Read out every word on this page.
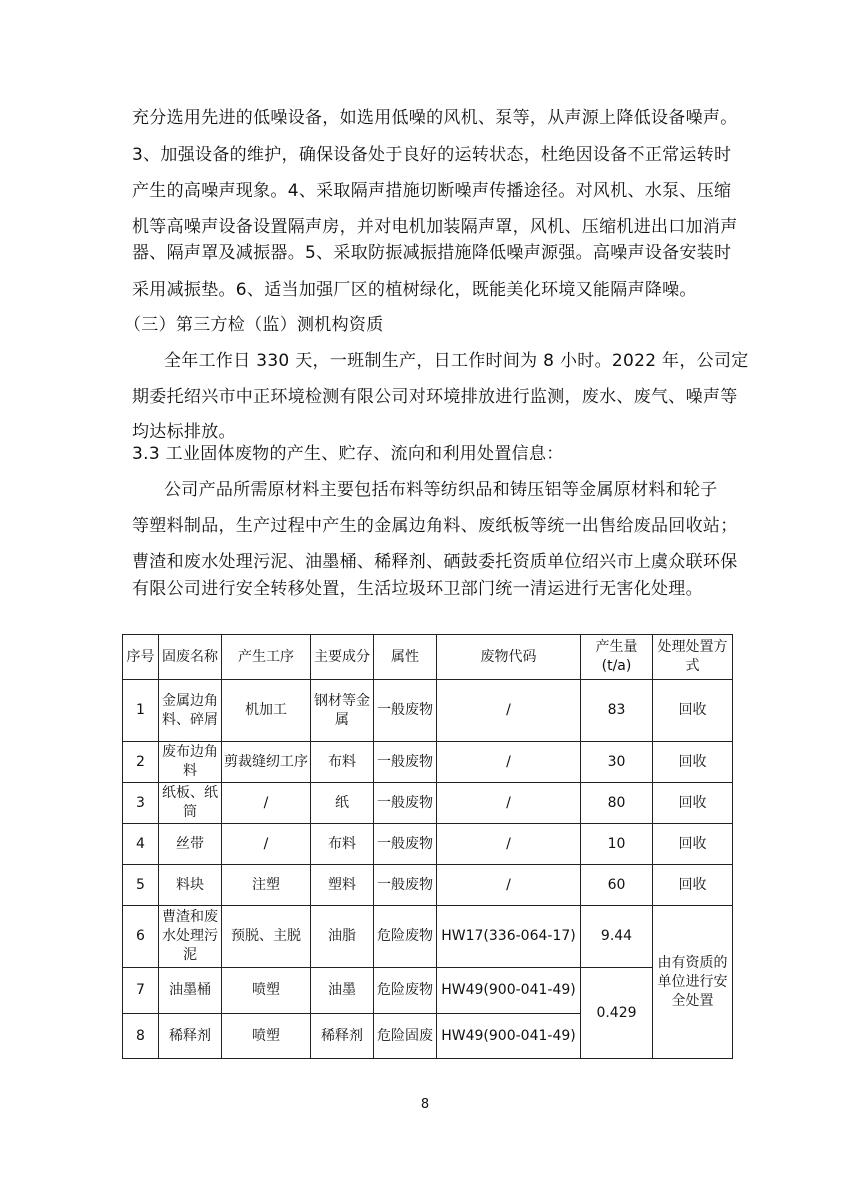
充分选用先进的低噪设备，如选用低噪的风机、泵等，从声源上降低设备噪声。
3、加强设备的维护，确保设备处于良好的运转状态，杜绝因设备不正常运转时
产生的高噪声现象。4、采取隔声措施切断噪声传播途径。对风机、水泵、压缩
机等高噪声设备设置隔声房，并对电机加装隔声罩，风机、压缩机进出口加消声
器、隔声罩及减振器。5、采取防振减振措施降低噪声源强。高噪声设备安装时
采用减振垫。6、适当加强厂区的植树绿化，既能美化环境又能隔声降噪。
（三）第三方检（监）测机构资质
全年工作日 330 天，一班制生产，日工作时间为 8 小时。2022 年，公司定
期委托绍兴市中正环境检测有限公司对环境排放进行监测，废水、废气、噪声等
均达标排放。
3.3 工业固体废物的产生、贮存、流向和利用处置信息：
公司产品所需原材料主要包括布料等纺织品和铸压铝等金属原材料和轮子
等塑料制品，生产过程中产生的金属边角料、废纸板等统一出售给废品回收站；
曹渣和废水处理污泥、油墨桶、稀释剂、硒鼓委托资质单位绍兴市上虞众联环保
有限公司进行安全转移处置，生活垃圾环卫部门统一清运进行无害化处理。
序号	固废名称	产生工序	主要成分	属性	废物代码	产生量(t/a)	处理处置方式
1	金属边角料、碎屑	机加工	钢材等金属	一般废物	/	83	回收
2	废布边角料	剪裁缝纫工序	布料	一般废物	/	30	回收
3	纸板、纸筒	/	纸	一般废物	/	80	回收
4	丝带	/	布料	一般废物	/	10	回收
5	料块	注塑	塑料	一般废物	/	60	回收
6	曹渣和废水处理污泥	预脱、主脱	油脂	危险废物	HW17(336-064-17)	9.44	由有资质的单位进行安全处置
7	油墨桶	喷塑	油墨	危险废物	HW49(900-041-49)	0.429	
8	稀释剂	喷塑	稀释剂	危险固废	HW49(900-041-49)		
8
